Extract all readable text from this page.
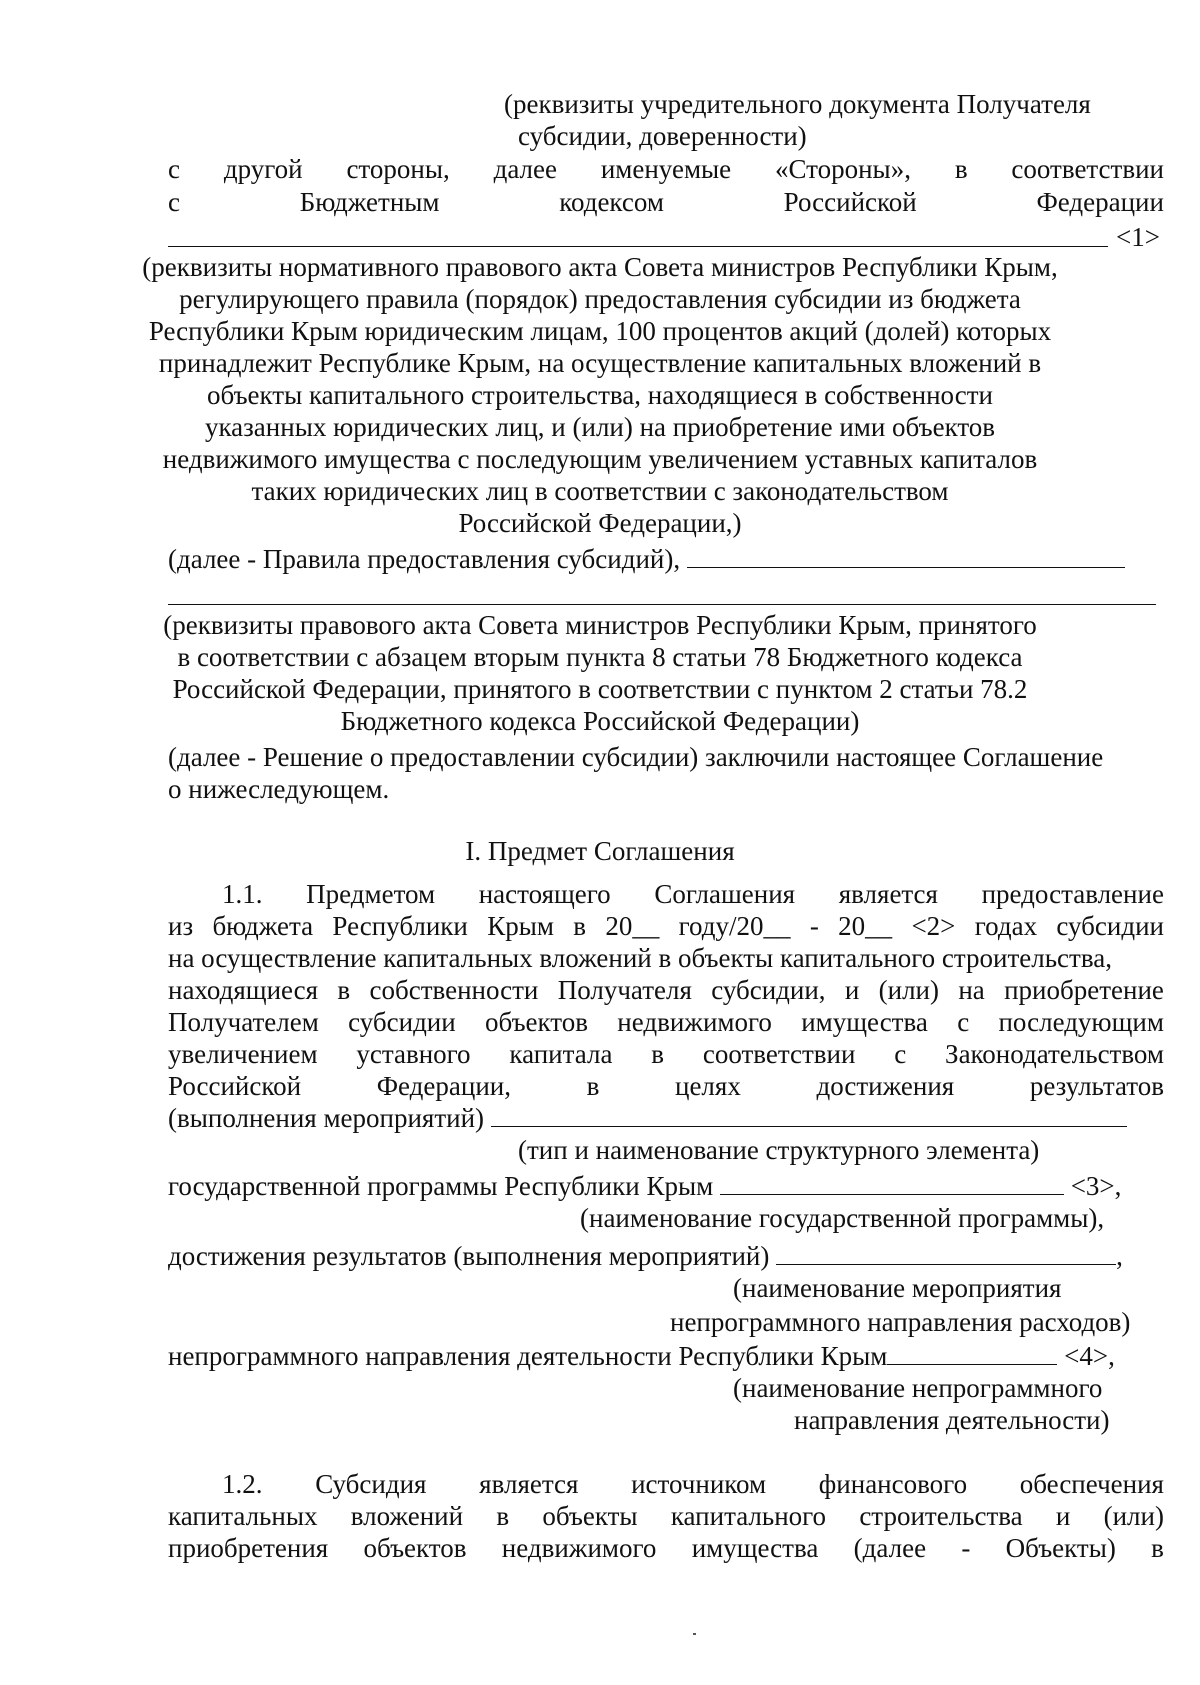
(реквизиты учредительного документа Получателя
субсидии, доверенности)
с другой стороны, далее именуемые «Стороны», в соответствии
с	Бюджетным	кодексом	Российской	Федерации
<1>
(реквизиты нормативного правового акта Совета министров Республики Крым,
регулирующего правила (порядок) предоставления субсидии из бюджета
Республики Крым юридическим лицам, 100 процентов акций (долей) которых
принадлежит Республике Крым, на осуществление капитальных вложений в
объекты капитального строительства, находящиеся в собственности
указанных юридических лиц, и (или) на приобретение ими объектов
недвижимого имущества с последующим увеличением уставных капиталов
таких юридических лиц в соответствии с законодательством
Российской Федерации,)
(далее - Правила предоставления субсидий),
(реквизиты правового акта Совета министров Республики Крым, принятого
в соответствии с абзацем вторым пункта 8 статьи 78 Бюджетного кодекса
Российской Федерации, принятого в соответствии с пунктом 2 статьи 78.2
Бюджетного кодекса Российской Федерации)
(далее - Решение о предоставлении субсидии) заключили настоящее Соглашение
о нижеследующем.
I. Предмет Соглашения
1.1. Предметом настоящего Соглашения является предоставление
из бюджета Республики Крым в 20__ году/20__ - 20__ <2> годах субсидии
на осуществление капитальных вложений в объекты капитального строительства,
находящиеся в собственности Получателя субсидии, и (или) на приобретение
Получателем субсидии объектов недвижимого имущества с последующим
увеличением уставного капитала в соответствии с Законодательством
Российской	Федерации,	в	целях	достижения	результатов
(выполнения мероприятий)
(тип и наименование структурного элемента)
государственной программы Республики Крым	<3>,
(наименование государственной программы),
достижения результатов (выполнения мероприятий)	,
(наименование мероприятия
непрограммного направления расходов)
непрограммного направления деятельности Республики Крым	<4>,
(наименование непрограммного
направления деятельности)
1.2. Субсидия является источником финансового обеспечения
капитальных вложений в объекты капитального строительства и (или)
приобретения объектов недвижимого имущества (далее - Объекты) в
